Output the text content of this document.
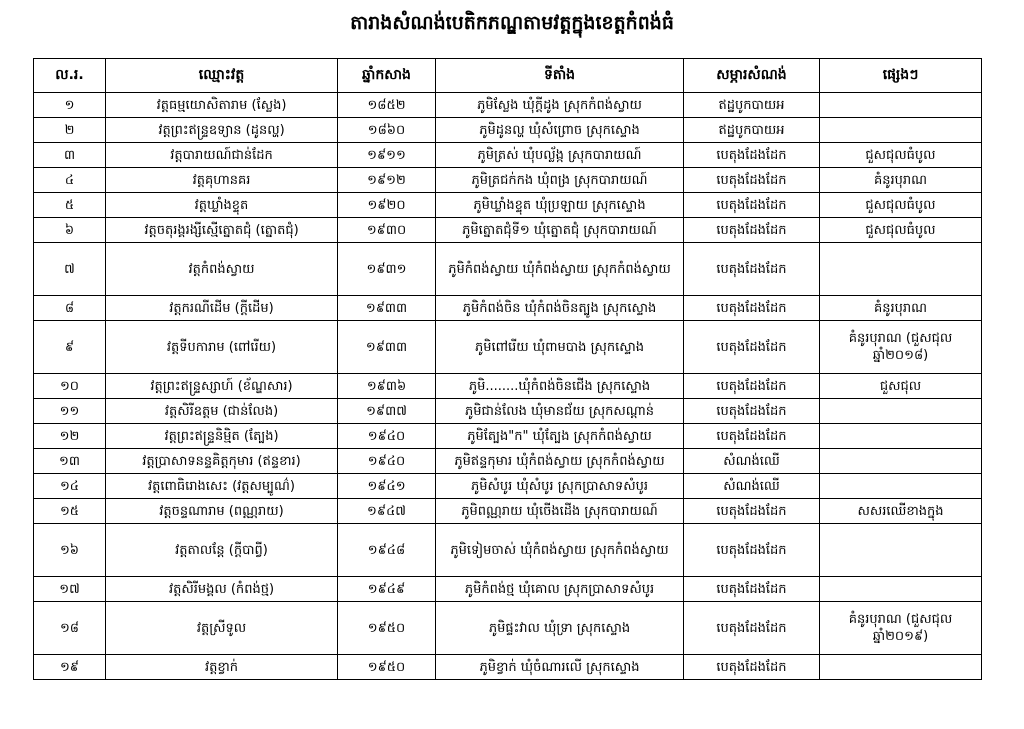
តារាងសំណង់បេតិកភណ្ឌតាមវត្តក្នុងខេត្តកំពង់ធំ
ល.រ.	ឈ្មោះវត្ត	ឆ្នាំកសាង	ទីតាំង	សម្ភារសំណង់	ផ្សេងៗ
១	វត្តធម្មយោសិតារាម (ស្លែង)	១៨៥២	ភូមិស្លែង ឃុំក្ដីដូង ស្រុកកំពង់ស្វាយ	ឥដ្ឋបូកបាយអ	
២	វត្តព្រះឥន្ទ្រឧទ្យាន (ដូនល្ហ)	១៨៦០	ភូមិដូនល្ហ ឃុំសំព្រោច ស្រុកស្ទោង	ឥដ្ឋបូកបាយអ	
៣	វត្តបារាយណ៍ជាន់ដែក	១៩១១	ភូមិត្រស់ ឃុំបល្ល័ង្ក ស្រុកបារាយណ៍	បេតុងដែងដែក	ជួសជុលធំបូល
៤	វត្តគុហានគរ	១៩១២	ភូមិត្រជក់កង ឃុំពង្រ ស្រុកបារាយណ៍	បេតុងដែងដែក	គំនូរបុរាណ
៥	វត្តឃ្លាំងខ្ទុត	១៩២០	ភូមិឃ្លាំងខ្ទុត ឃុំប្រឡាយ ស្រុកស្ទោង	បេតុងដែងដែក	ជួសជុលធំបូល
៦	វត្តចតុរង្គរង្សីស្មើត្នោតជុំ (ត្នោតជុំ)	១៩៣០	ភូមិត្នោតជុំទី១ ឃុំត្នោតជុំ ស្រុកបារាយណ៍	បេតុងដែងដែក	ជួសជុលធំបូល
៧	វត្តកំពង់ស្វាយ	១៩៣១	ភូមិកំពង់ស្វាយ ឃុំកំពង់ស្វាយ ស្រុកកំពង់ស្វាយ	បេតុងដែងដែក	
៨	វត្តករណីដើម (ក្ដីដើម)	១៩៣៣	ភូមិកំពង់ចិន ឃុំកំពង់ចិនត្បូង ស្រុកស្ទោង	បេតុងដែងដែក	គំនូរបុរាណ
៩	វត្តទីបការាម (ពៅរើយ)	១៩៣៣	ភូមិពៅរើយ ឃុំពាមបាង ស្រុកស្ទោង	បេតុងដែងដែក	គំនូរបុរាណ (ជួសជុលឆ្នាំ២០១៨)
១០	វត្តព្រះឥន្ទ្រស្សាហ៍ (ខ័ណ្ឌសារ)	១៩៣៦	ភូមិ........ឃុំកំពង់ចិនជើង ស្រុកស្ទោង	បេតុងដែងដែក	ជួសជុល
១១	វត្តសិរីឧត្តម (ជាន់លែង)	១៩៣៧	ភូមិជាន់លែង ឃុំមានជ័យ ស្រុកសណ្ដាន់	បេតុងដែងដែក	
១២	វត្តព្រះឥន្ទ្រនិម្មិត (ត្បែង)	១៩៤០	ភូមិត្បែង"ក" ឃុំត្បែង ស្រុកកំពង់ស្វាយ	បេតុងដែងដែក	
១៣	វត្តប្រាសាទនន្ទគិត្តកុមារ (ឥន្ទខារ)	១៩៤០	ភូមិឥន្ទកុមារ ឃុំកំពង់ស្វាយ ស្រុកកំពង់ស្វាយ	សំណង់ឈើ	
១៤	វត្តពោធិរោងសេះ (វត្តសម្បូណ៌)	១៩៤១	ភូមិសំបូរ ឃុំសំបូរ ស្រុកប្រាសាទសំបូរ	សំណង់ឈើ	
១៥	វត្តចន្ទណារាម (ពណ្ណរាយ)	១៩៤៧	ភូមិពណ្ណរាយ ឃុំចើងដើង ស្រុកបារាយណ៍	បេតុងដែងដែក	សសរឈើខាងក្នុង
១៦	វត្តតាលន្ដែ (ក្ដីបាព្វី)	១៩៤៨	ភូមិទៀមចាស់ ឃុំកំពង់ស្វាយ ស្រុកកំពង់ស្វាយ	បេតុងដែងដែក	
១៧	វត្តសិរីមង្គល (កំពង់ថ្ម)	១៩៤៩	ភូមិកំពង់ថ្ម ឃុំគោល ស្រុកប្រាសាទសំបូរ	បេតុងដែងដែក	
១៨	វត្តស្រីទូល	១៩៥០	ភូមិផ្ទះវាល ឃុំទ្រា ស្រុកស្ទោង	បេតុងដែងដែក	គំនូរបុរាណ (ជួសជុលឆ្នាំ២០១៩)
១៩	វត្តខ្វាក់	១៩៥០	ភូមិខ្វាក់ ឃុំចំណារលើ ស្រុកស្ទោង	បេតុងដែងដែក	
